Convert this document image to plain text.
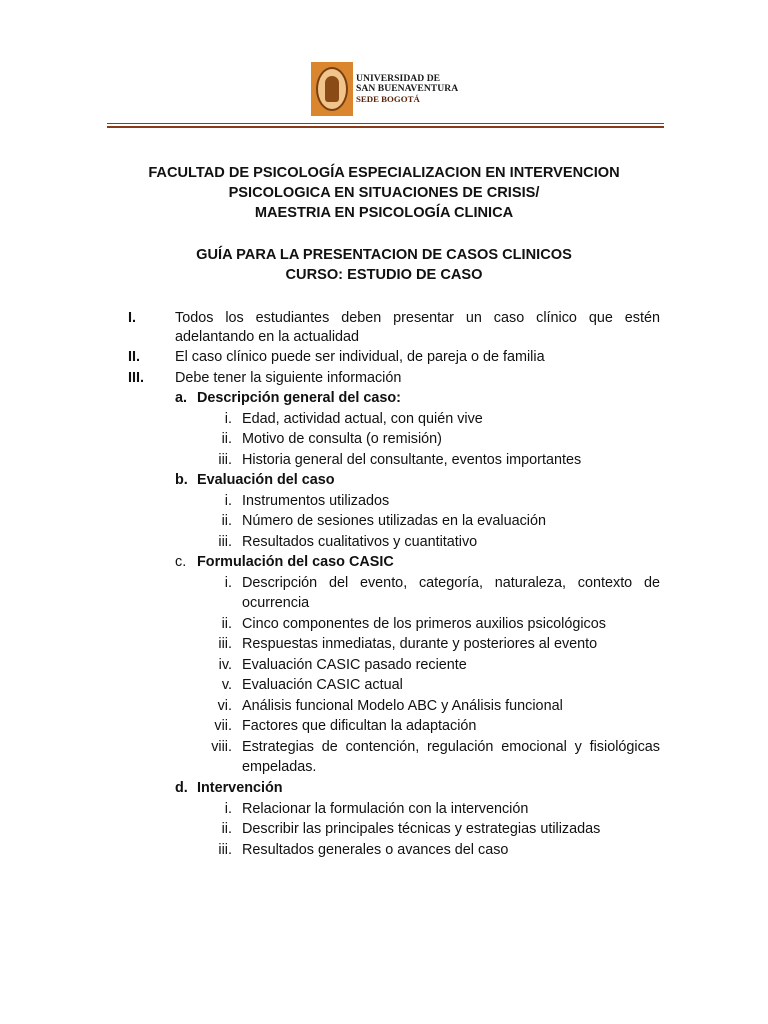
UNIVERSIDAD DE
SAN BUENAVENTURA
SEDE BOGOTÁ
FACULTAD DE PSICOLOGÍA ESPECIALIZACION EN INTERVENCION
PSICOLOGICA EN SITUACIONES DE CRISIS/
MAESTRIA EN PSICOLOGÍA CLINICA
GUÍA PARA LA PRESENTACION DE CASOS CLINICOS
CURSO: ESTUDIO DE CASO
I.	Todos los estudiantes deben presentar un caso clínico que estén
adelantando en la actualidad
II. El caso clínico puede ser individual, de pareja o de familia
III. Debe tener la siguiente información
a. Descripción general del caso:
i. Edad, actividad actual, con quién vive
ii. Motivo de consulta (o remisión)
iii. Historia general del consultante, eventos importantes
b. Evaluación del caso
i. Instrumentos utilizados
ii. Número de sesiones utilizadas en la evaluación
iii. Resultados cualitativos y cuantitativo
c. Formulación del caso CASIC
i. Descripción del evento, categoría, naturaleza, contexto de
ocurrencia
ii. Cinco componentes de los primeros auxilios psicológicos
iii. Respuestas inmediatas, durante y posteriores al evento
iv. Evaluación CASIC pasado reciente
v. Evaluación CASIC actual
vi. Análisis funcional Modelo ABC y Análisis funcional
vii. Factores que dificultan la adaptación
viii. Estrategias de contención, regulación emocional y fisiológicas
empeladas.
d. Intervención
i. Relacionar la formulación con la intervención
ii. Describir las principales técnicas y estrategias utilizadas
iii. Resultados generales o avances del caso
